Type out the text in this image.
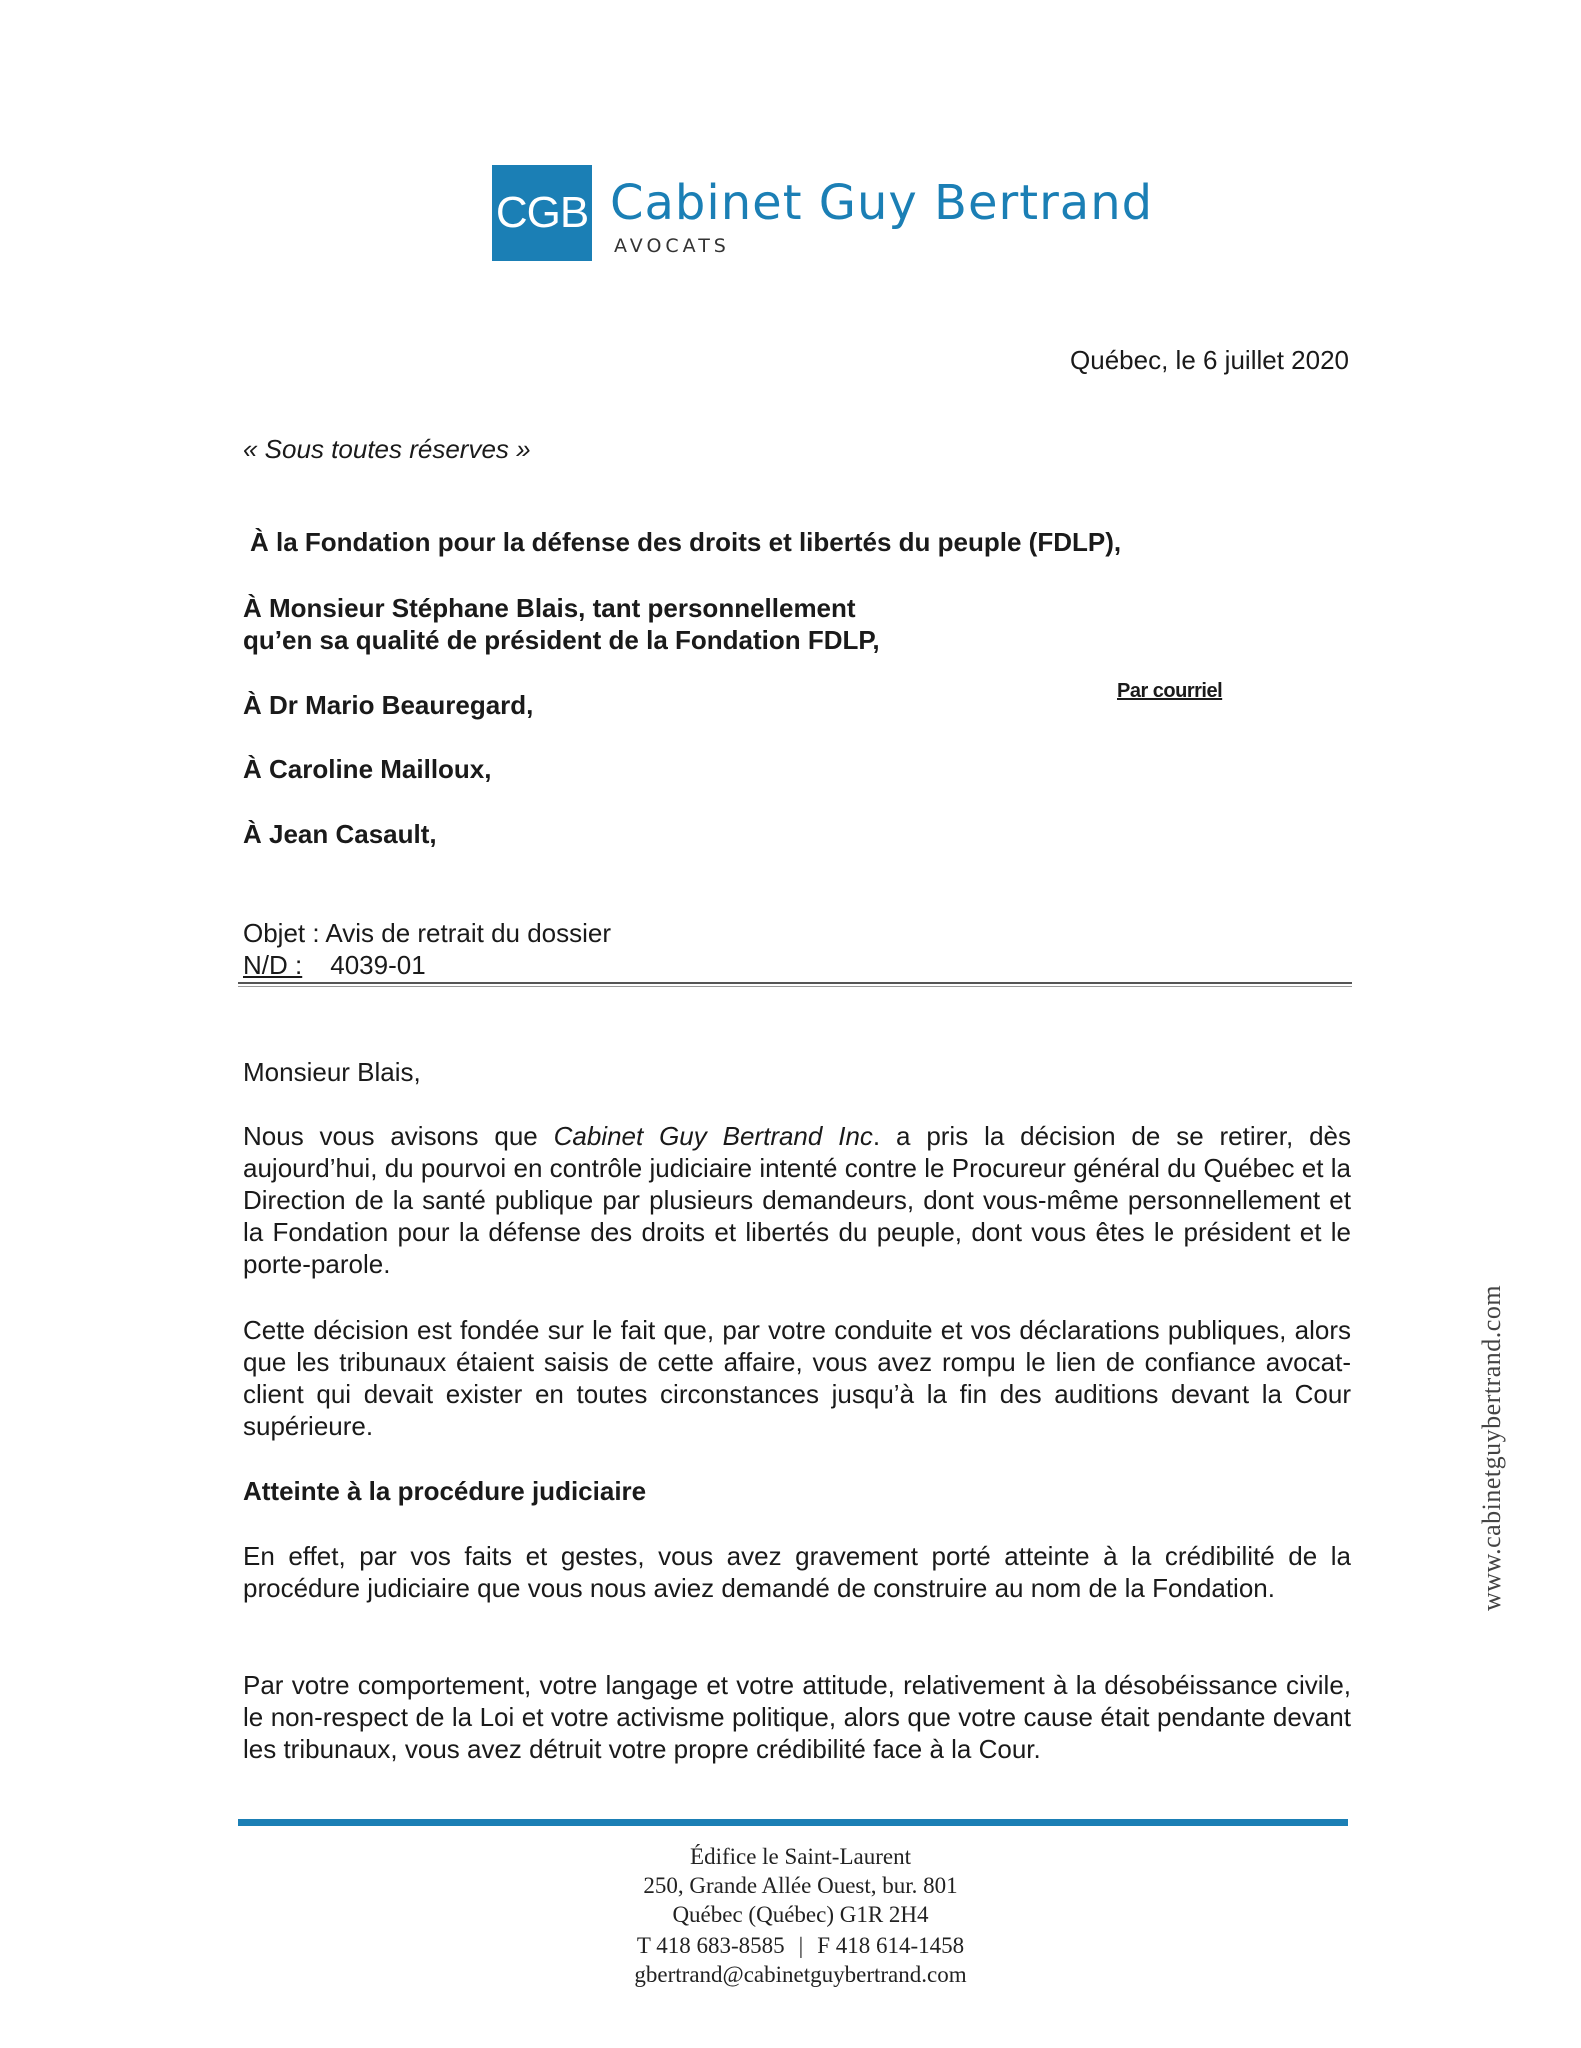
CGB Cabinet Guy Bertrand
AVOCATS
Québec, le 6 juillet 2020
« Sous toutes réserves »
À la Fondation pour la défense des droits et libertés du peuple (FDLP),
À Monsieur Stéphane Blais, tant personnellement
qu’en sa qualité de président de la Fondation FDLP,
À Dr Mario Beauregard,
À Caroline Mailloux,
À Jean Casault,
Par courriel
Objet : Avis de retrait du dossier
N/D : 4039-01
Monsieur Blais,
Nous vous avisons que Cabinet Guy Bertrand Inc. a pris la décision de se retirer, dès aujourd’hui, du pourvoi en contrôle judiciaire intenté contre le Procureur général du Québec et la Direction de la santé publique par plusieurs demandeurs, dont vous-même personnellement et la Fondation pour la défense des droits et libertés du peuple, dont vous êtes le président et le porte-parole.
Cette décision est fondée sur le fait que, par votre conduite et vos déclarations publiques, alors que les tribunaux étaient saisis de cette affaire, vous avez rompu le lien de confiance avocat-client qui devait exister en toutes circonstances jusqu’à la fin des auditions devant la Cour supérieure.
Atteinte à la procédure judiciaire
En effet, par vos faits et gestes, vous avez gravement porté atteinte à la crédibilité de la procédure judiciaire que vous nous aviez demandé de construire au nom de la Fondation.
Par votre comportement, votre langage et votre attitude, relativement à la désobéissance civile, le non-respect de la Loi et votre activisme politique, alors que votre cause était pendante devant les tribunaux, vous avez détruit votre propre crédibilité face à la Cour.
www.cabinetguybertrand.com
Édifice le Saint-Laurent
250, Grande Allée Ouest, bur. 801
Québec (Québec) G1R 2H4
T 418 683-8585 | F 418 614-1458
gbertrand@cabinetguybertrand.com
